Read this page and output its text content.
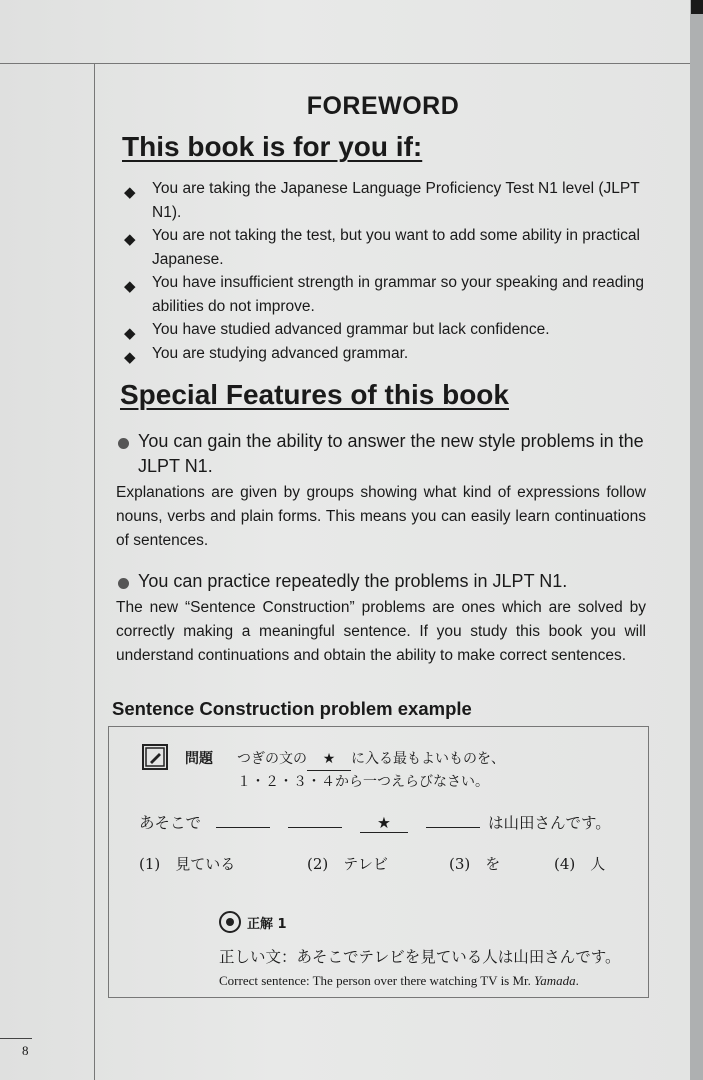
FOREWORD
This book is for you if:
◆ You are taking the Japanese Language Proficiency Test N1 level (JLPT N1).
◆ You are not taking the test, but you want to add some ability in practical Japanese.
◆ You have insufficient strength in grammar so your speaking and reading abilities do not improve.
◆ You have studied advanced grammar but lack confidence.
◆ You are studying advanced grammar.
Special Features of this book
You can gain the ability to answer the new style problems in the JLPT N1.
Explanations are given by groups showing what kind of expressions follow nouns, verbs and plain forms. This means you can easily learn continuations of sentences.
You can practice repeatedly the problems in JLPT N1.
The new “Sentence Construction” problems are ones which are solved by correctly making a meaningful sentence. If you study this book you will understand continuations and obtain the ability to make correct sentences.
Sentence Construction problem example
問題 つぎの文の ★ に入る最もよいものを、
１・２・３・４から一つえらびなさい。
あそこで	★	は山田さんです。
(1)　見ている	(2)　テレビ	(3)　を	(4)　人
正解 1
正しい文：あそこでテレビを見ている人は山田さんです。
Correct sentence: The person over there watching TV is Mr. Yamada.
8
